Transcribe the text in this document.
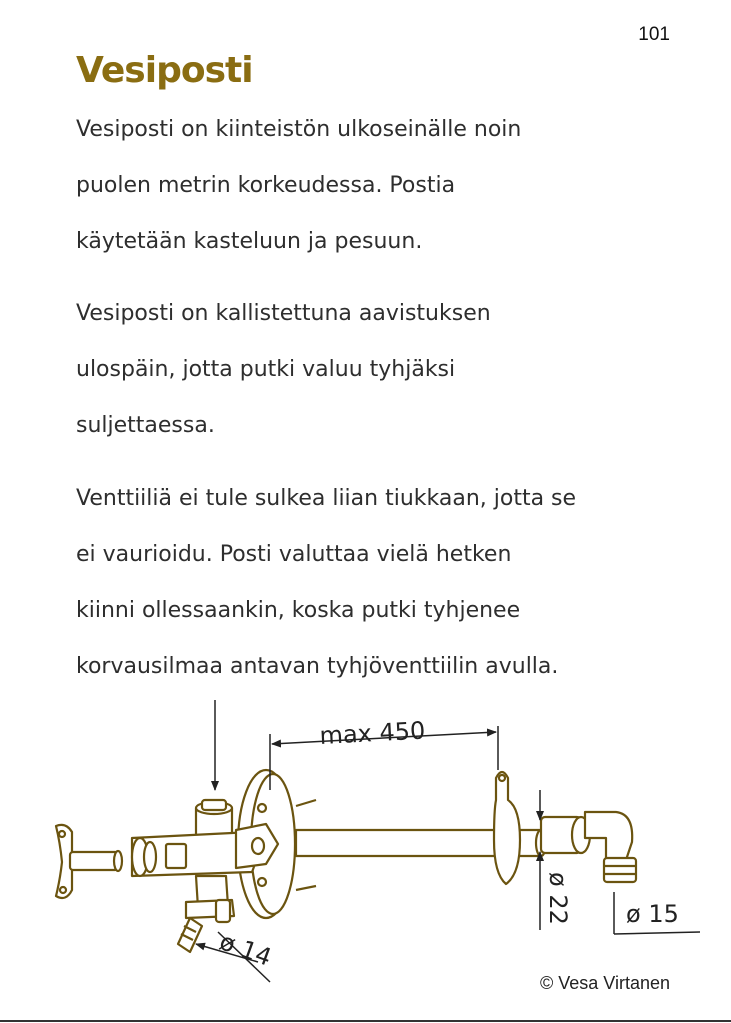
101
Vesiposti
Vesiposti on kiinteistön ulkoseinälle noin
puolen metrin korkeudessa. Postia
käytetään kasteluun ja pesuun.
Vesiposti on kallistettuna aavistuksen
ulospäin, jotta putki valuu tyhjäksi
suljettaessa.
Venttiiliä ei tule sulkea liian tiukkaan, jotta se
ei vaurioidu. Posti valuttaa vielä hetken
kiinni ollessaankin, koska putki tyhjenee
korvausilmaa antavan tyhjöventtiilin avulla.
max 450
ø 22 ø 15
ø 14
© Vesa Virtanen
